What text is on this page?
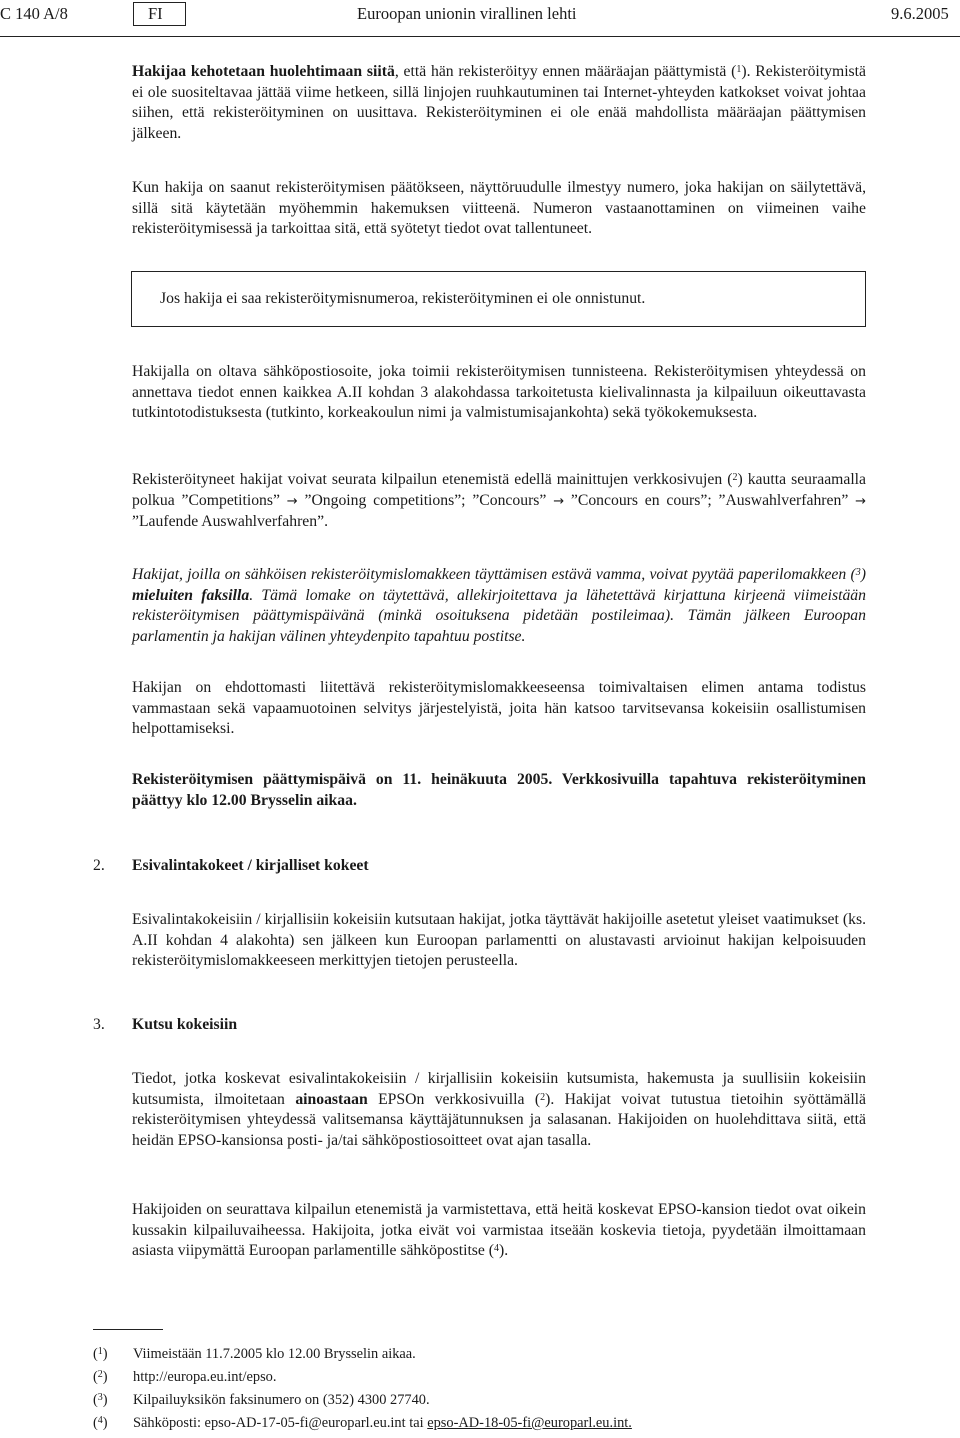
C 140 A/8	FI	Euroopan unionin virallinen lehti	9.6.2005

Hakijaa kehotetaan huolehtimaan siitä, että hän rekisteröityy ennen määräajan päättymistä ($^1$). Rekisteröitymistä ei ole suositeltavaa jättää viime hetkeen, sillä linjojen ruuhkautuminen tai Internet-yhteyden katkokset voivat johtaa siihen, että rekisteröityminen on uusittava. Rekisteröityminen ei ole enää mahdollista määräajan päättymisen jälkeen.

Kun hakija on saanut rekisteröitymisen päätökseen, näyttöruudulle ilmestyy numero, joka hakijan on säilytettävä, sillä sitä käytetään myöhemmin hakemuksen viitteenä. Numeron vastaanottaminen on viimeinen vaihe rekisteröitymisessä ja tarkoittaa sitä, että syötetyt tiedot ovat tallentuneet.

Jos hakija ei saa rekisteröitymisnumeroa, rekisteröityminen ei ole onnistunut.

Hakijalla on oltava sähköpostiosoite, joka toimii rekisteröitymisen tunnisteena. Rekisteröitymisen yhteydessä on annettava tiedot ennen kaikkea A.II kohdan 3 alakohdassa tarkoitetusta kielivalinnasta ja kilpailuun oikeuttavasta tutkintotodistuksesta (tutkinto, korkeakoulun nimi ja valmistumisajankohta) sekä työkokemuksesta.

Rekisteröityneet hakijat voivat seurata kilpailun etenemistä edellä mainittujen verkkosivujen ($^2$) kautta seuraamalla polkua ”Competitions” → ”Ongoing competitions”; ”Concours” → ”Concours en cours”; ”Auswahlverfahren” → ”Laufende Auswahlverfahren”.

Hakijat, joilla on sähköisen rekisteröitymislomakkeen täyttämisen estävä vamma, voivat pyytää paperilomakkeen ($^3$) mieluiten faksilla. Tämä lomake on täytettävä, allekirjoitettava ja lähetettävä kirjattuna kirjeenä viimeistään rekisteröitymisen päättymispäivänä (minkä osoituksena pidetään postileimaa). Tämän jälkeen Euroopan parlamentin ja hakijan välinen yhteydenpito tapahtuu postitse.

Hakijan on ehdottomasti liitettävä rekisteröitymislomakkeeseensa toimivaltaisen elimen antama todistus vammastaan sekä vapaamuotoinen selvitys järjestelyistä, joita hän katsoo tarvitsevansa kokeisiin osallistumisen helpottamiseksi.

Rekisteröitymisen päättymispäivä on 11. heinäkuuta 2005. Verkkosivuilla tapahtuva rekisteröityminen päättyy klo 12.00 Brysselin aikaa.

2. Esivalintakokeet / kirjalliset kokeet

Esivalintakokeisiin / kirjallisiin kokeisiin kutsutaan hakijat, jotka täyttävät hakijoille asetetut yleiset vaatimukset (ks. A.II kohdan 4 alakohta) sen jälkeen kun Euroopan parlamentti on alustavasti arvioinut hakijan kelpoisuuden rekisteröitymislomakkeeseen merkittyjen tietojen perusteella.

3. Kutsu kokeisiin

Tiedot, jotka koskevat esivalintakokeisiin / kirjallisiin kokeisiin kutsumista, hakemusta ja suullisiin kokeisiin kutsumista, ilmoitetaan ainoastaan EPSOn verkkosivuilla ($^2$). Hakijat voivat tutustua tietoihin syöttämällä rekisteröitymisen yhteydessä valitsemansa käyttäjätunnuksen ja salasanan. Hakijoiden on huolehdittava siitä, että heidän EPSO-kansionsa posti- ja/tai sähköpostiosoitteet ovat ajan tasalla.

Hakijoiden on seurattava kilpailun etenemistä ja varmistettava, että heitä koskevat EPSO-kansion tiedot ovat oikein kussakin kilpailuvaiheessa. Hakijoita, jotka eivät voi varmistaa itseään koskevia tietoja, pyydetään ilmoittamaan asiasta viipymättä Euroopan parlamentille sähköpostitse ($^4$).

($^1$) Viimeistään 11.7.2005 klo 12.00 Brysselin aikaa.
($^2$) http://europa.eu.int/epso.
($^3$) Kilpailuyksikön faksinumero on (352) 4300 27740.
($^4$) Sähköposti: epso-AD-17-05-fi@europarl.eu.int tai epso-AD-18-05-fi@europarl.eu.int.
